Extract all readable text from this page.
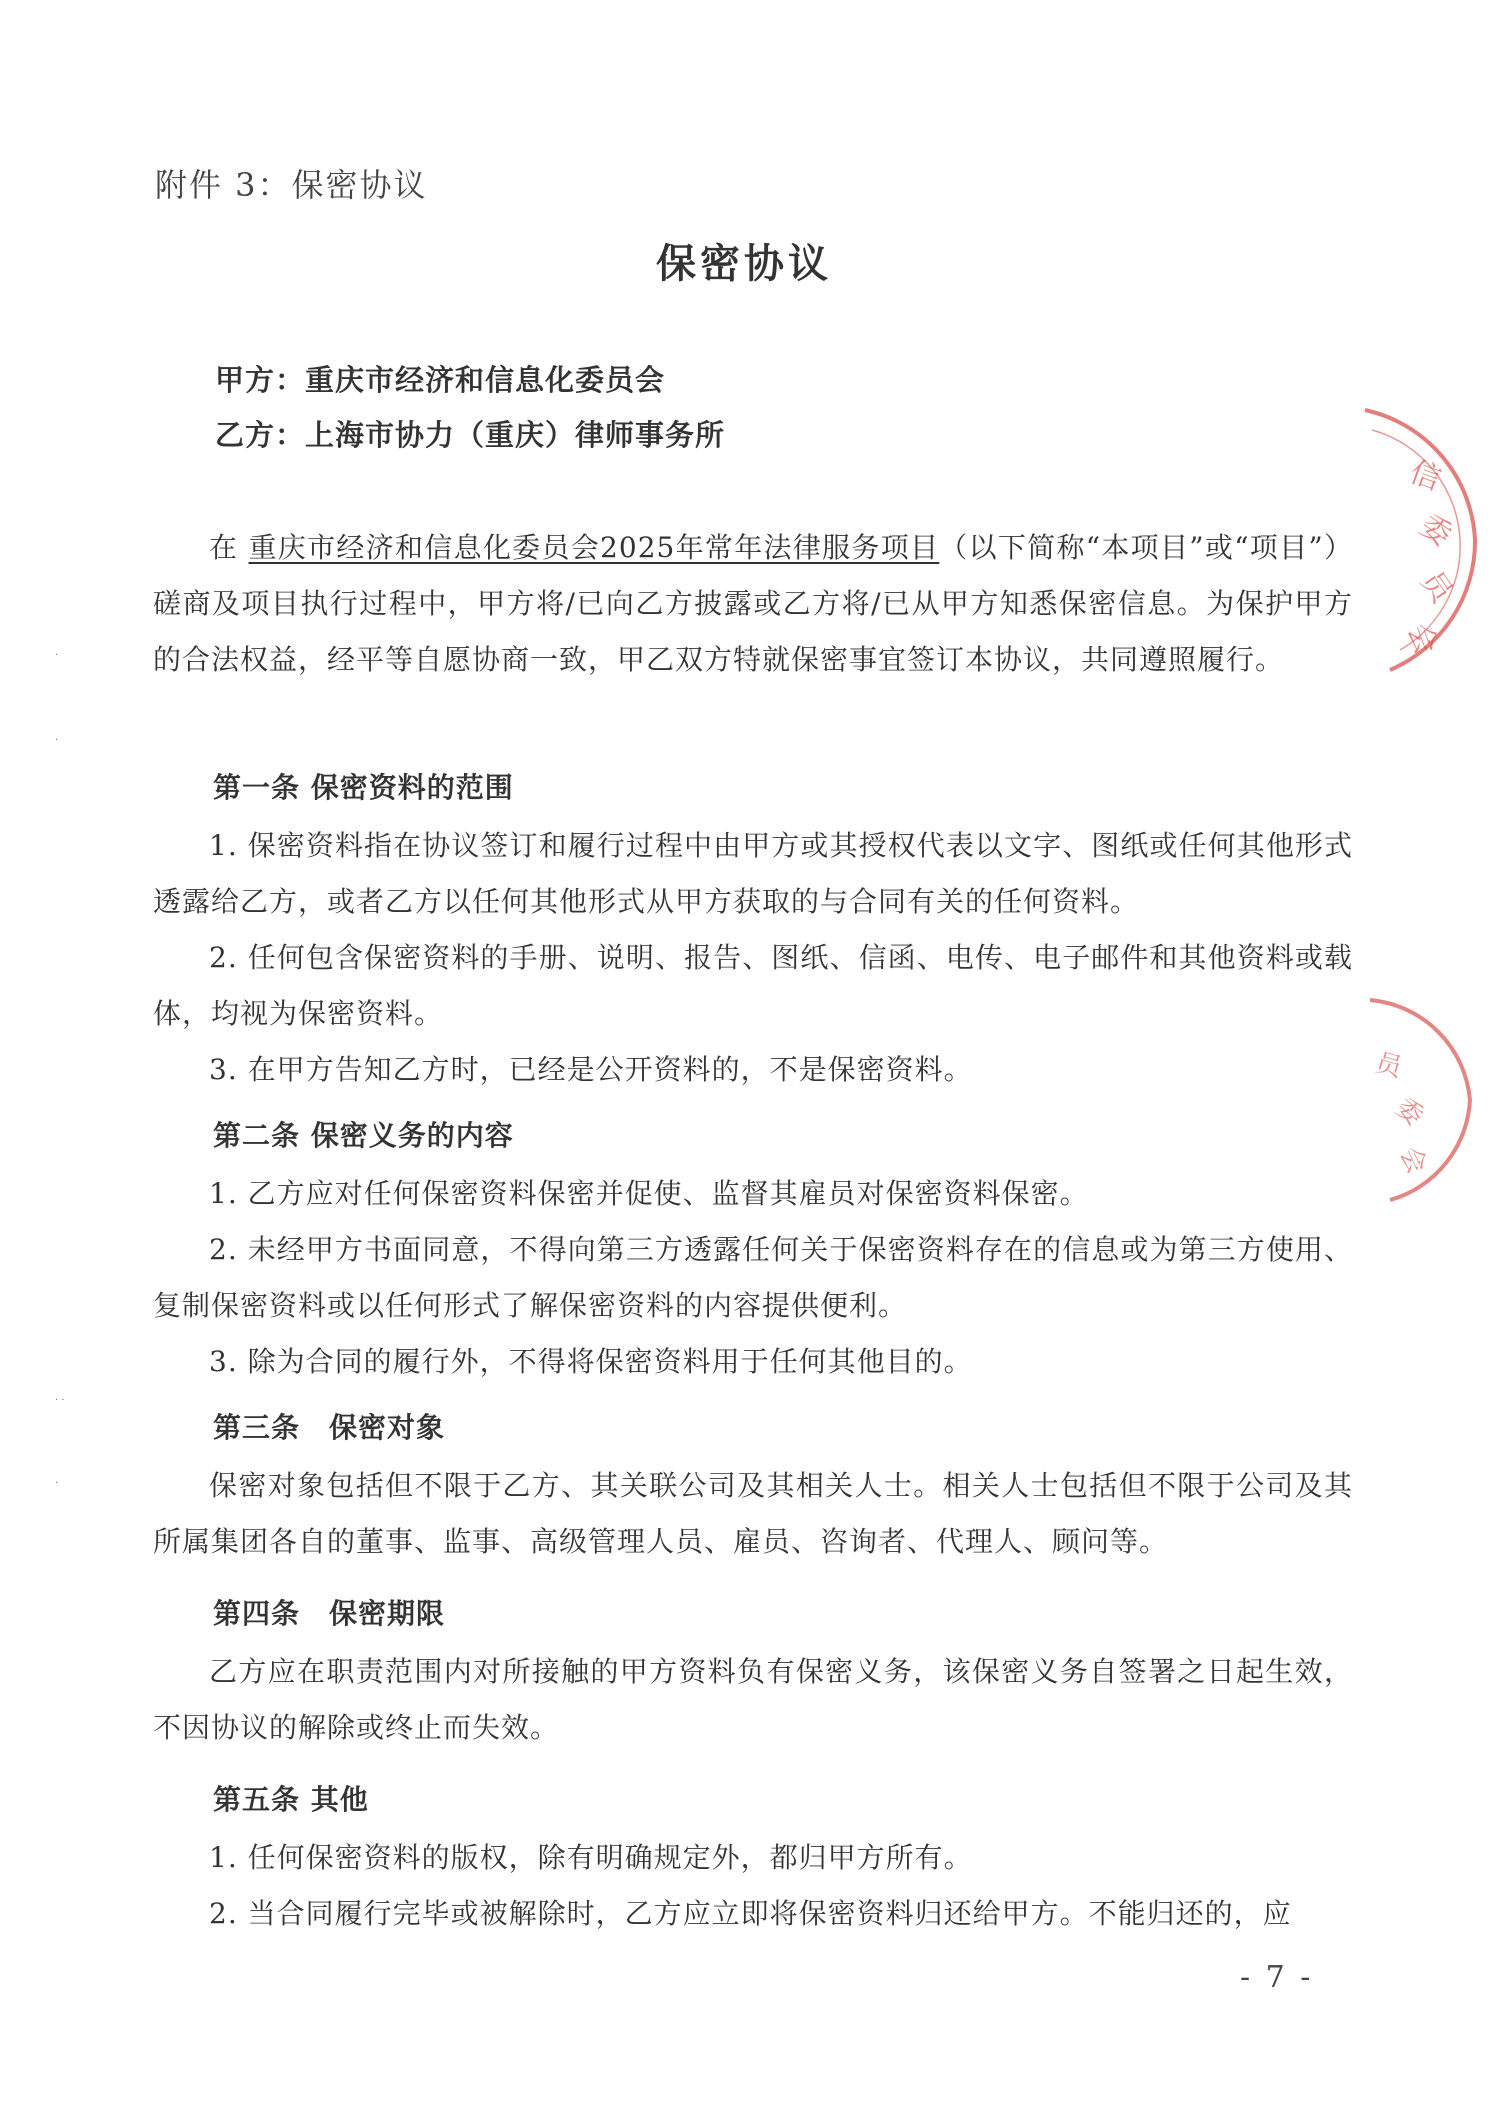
附件 3：保密协议
保密协议
甲方：重庆市经济和信息化委员会
乙方：上海市协力（重庆）律师事务所

在 重庆市经济和信息化委员会2025年常年法律服务项目（以下简称“本项目”或“项目”）磋商及项目执行过程中，甲方将/已向乙方披露或乙方将/已从甲方知悉保密信息。为保护甲方的合法权益，经平等自愿协商一致，甲乙双方特就保密事宜签订本协议，共同遵照履行。

第一条 保密资料的范围

1. 保密资料指在协议签订和履行过程中由甲方或其授权代表以文字、图纸或任何其他形式透露给乙方，或者乙方以任何其他形式从甲方获取的与合同有关的任何资料。

2. 任何包含保密资料的手册、说明、报告、图纸、信函、电传、电子邮件和其他资料或载体，均视为保密资料。

3. 在甲方告知乙方时，已经是公开资料的，不是保密资料。

第二条 保密义务的内容

1. 乙方应对任何保密资料保密并促使、监督其雇员对保密资料保密。

2. 未经甲方书面同意，不得向第三方透露任何关于保密资料存在的信息或为第三方使用、复制保密资料或以任何形式了解保密资料的内容提供便利。

3. 除为合同的履行外，不得将保密资料用于任何其他目的。

第三条　保密对象

保密对象包括但不限于乙方、其关联公司及其相关人士。相关人士包括但不限于公司及其所属集团各自的董事、监事、高级管理人员、雇员、咨询者、代理人、顾问等。

第四条　保密期限

乙方应在职责范围内对所接触的甲方资料负有保密义务，该保密义务自签署之日起生效，不因协议的解除或终止而失效。

第五条 其他

1. 任何保密资料的版权，除有明确规定外，都归甲方所有。

2. 当合同履行完毕或被解除时，乙方应立即将保密资料归还给甲方。不能归还的，应

- 7 -
信
委
员
会
员
委
会
·
·
· ·
·
